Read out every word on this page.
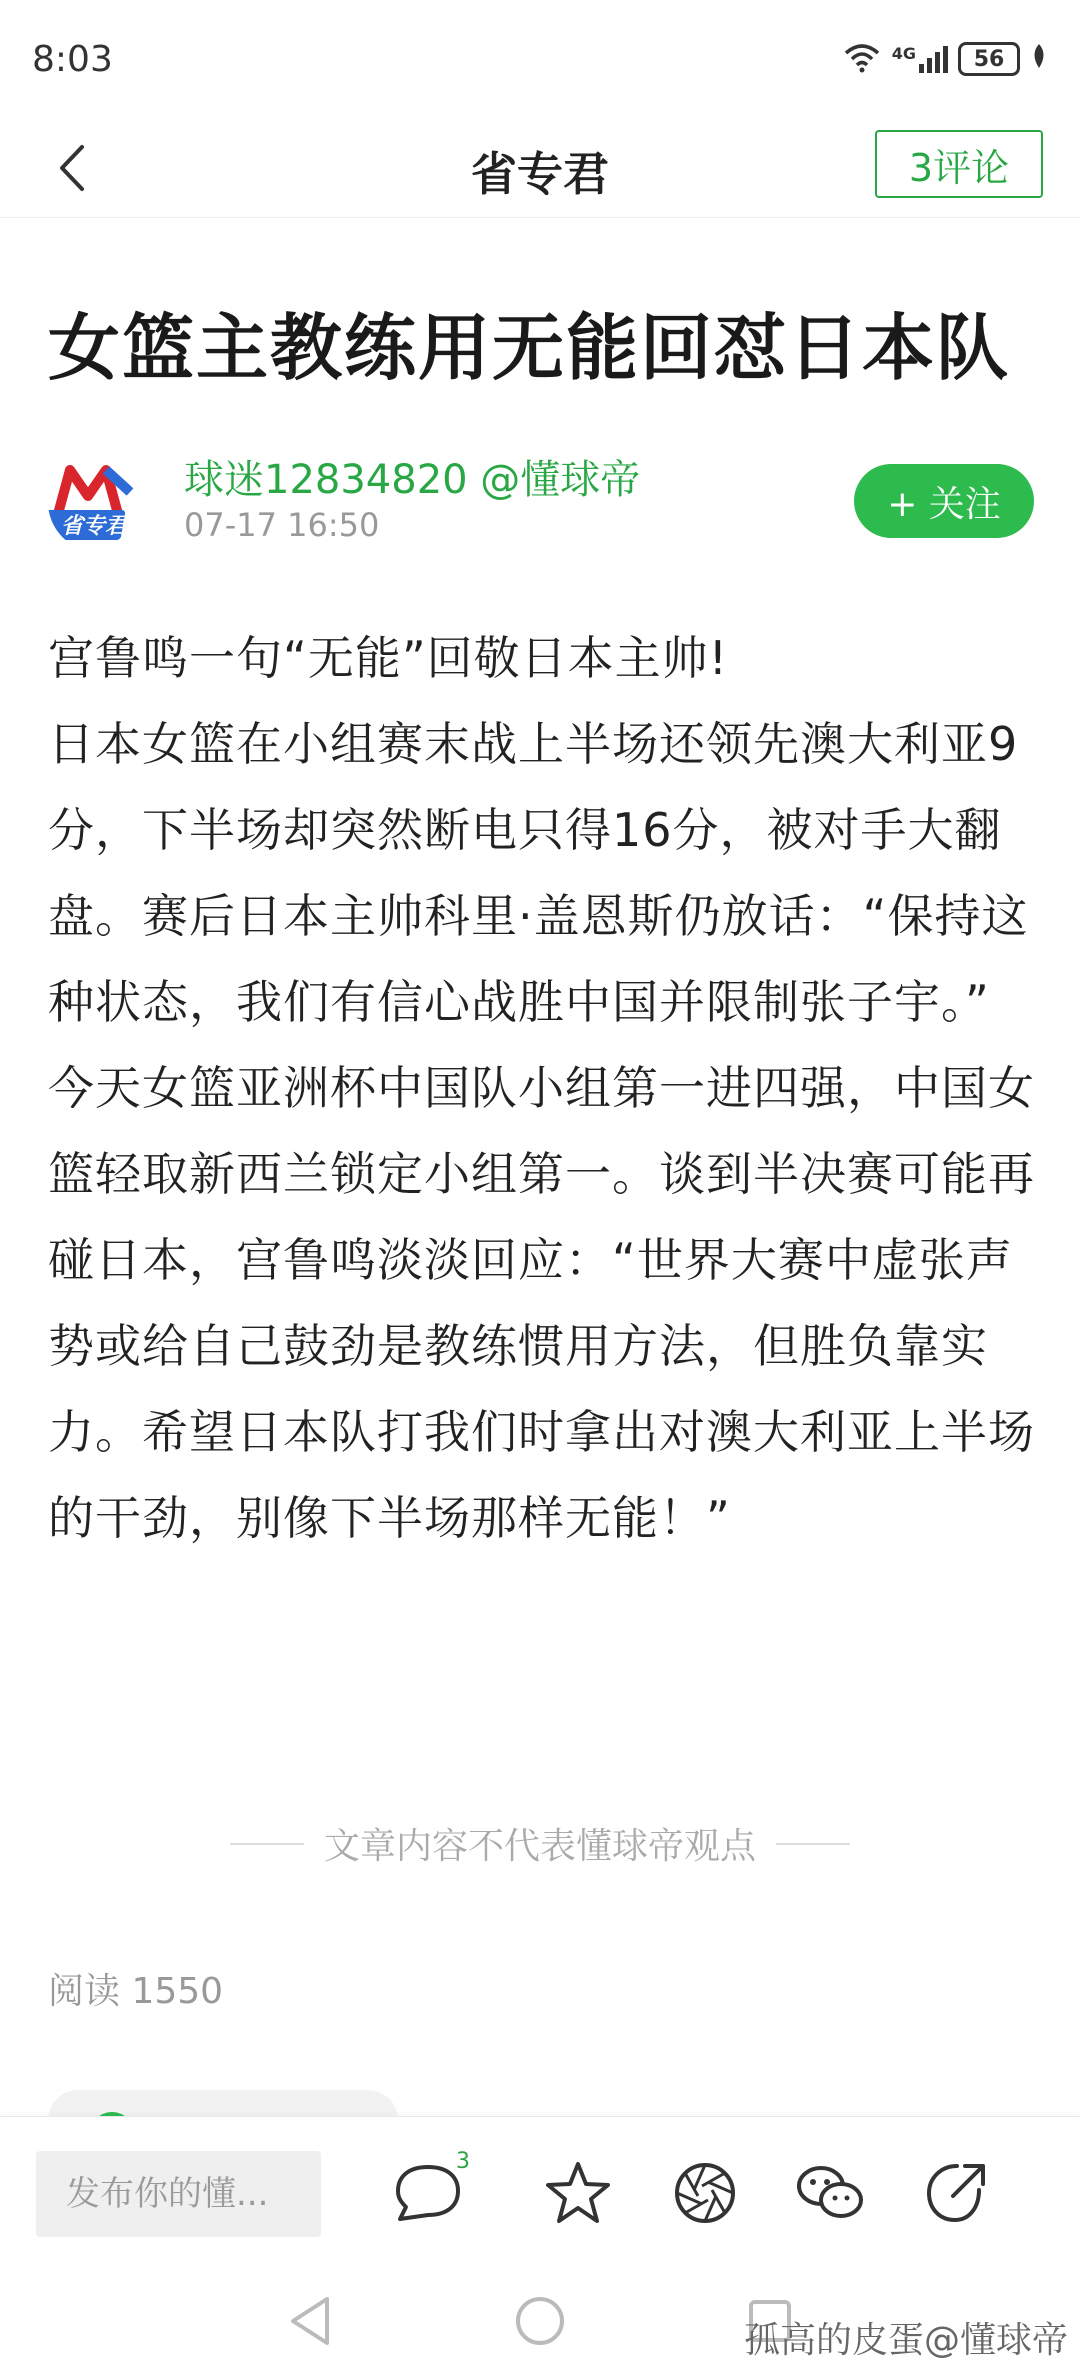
8:03	4G	56
省专君	3评论
女篮主教练用无能回怼日本队
省专君
球迷12834820 @懂球帝
07-17 16:50
+ 关注

宫鲁鸣一句“无能”回敬日本主帅!

日本女篮在小组赛末战上半场还领先澳大利亚9分，下半场却突然断电只得16分，被对手大翻盘。赛后日本主帅科里·盖恩斯仍放话：“保持这种状态，我们有信心战胜中国并限制张子宇。”

今天女篮亚洲杯中国队小组第一进四强，中国女篮轻取新西兰锁定小组第一。谈到半决赛可能再碰日本，宫鲁鸣淡淡回应：“世界大赛中虚张声势或给自己鼓劲是教练惯用方法，但胜负靠实力。希望日本队打我们时拿出对澳大利亚上半场的干劲，别像下半场那样无能！”

文章内容不代表懂球帝观点
阅读 1550
发布你的懂...
3
孤高的皮蛋@懂球帝
